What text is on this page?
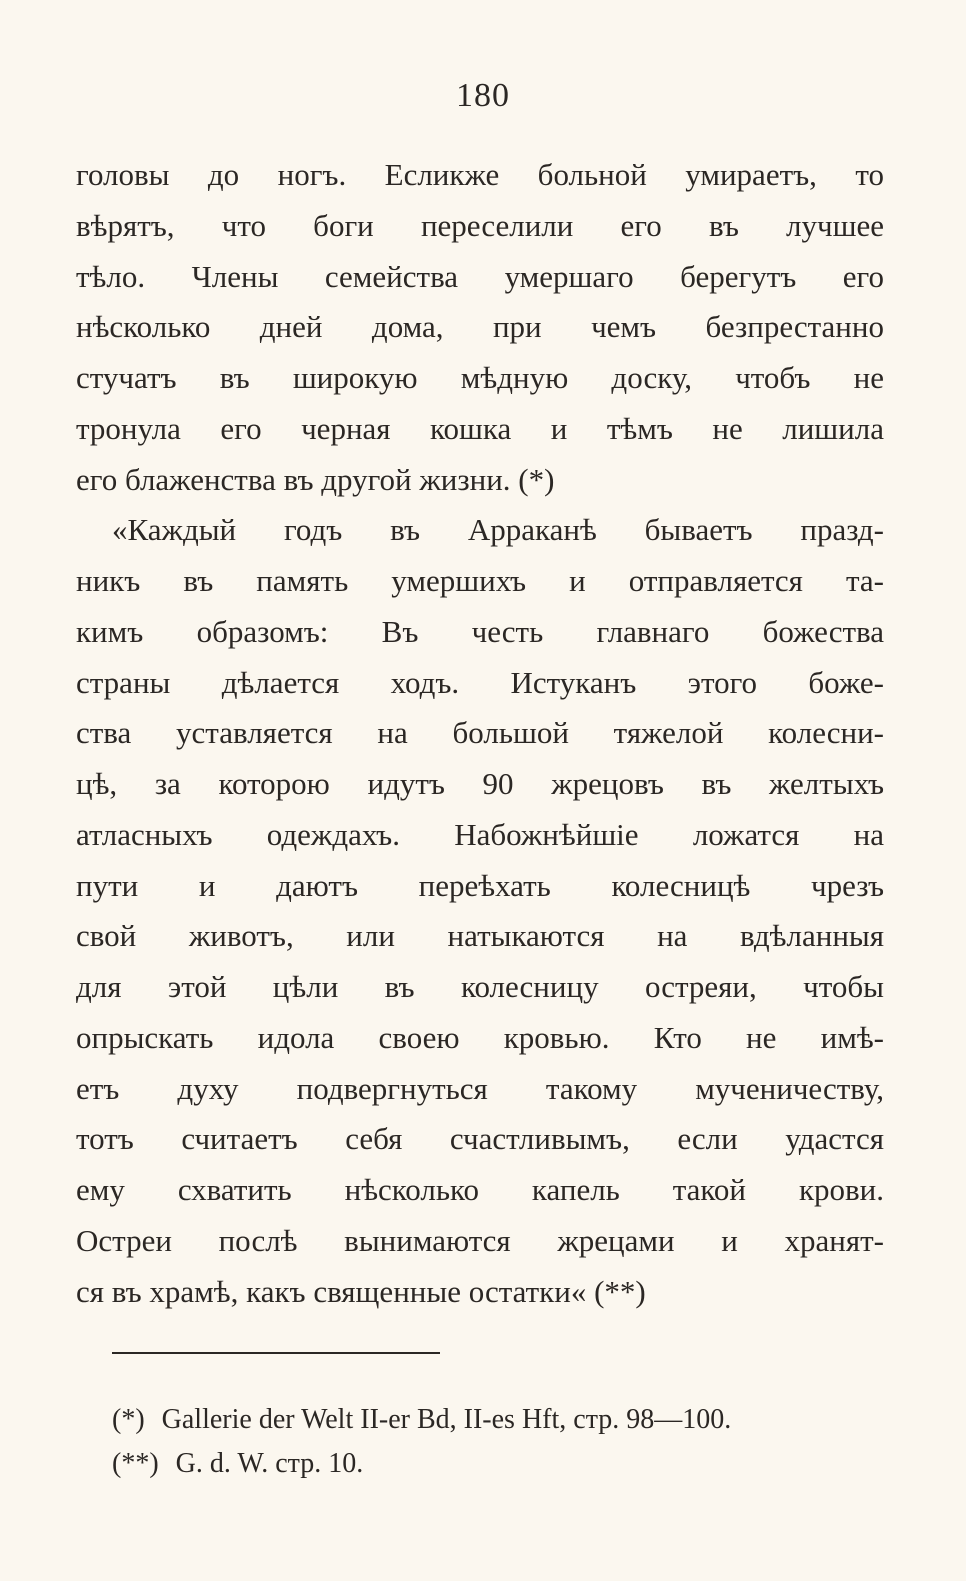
180
головы до ногъ. Есликже больной умираетъ, то
вѣрятъ, что боги переселили его въ лучшее
тѣло. Члены семейства умершаго берегутъ его
нѣсколько дней дома, при чемъ безпрестанно
стучатъ въ широкую мѣдную доску, чтобъ не
тронула его черная кошка и тѣмъ не лишила
его блаженства въ другой жизни. (*)
«Каждый годъ въ Арраканѣ бываетъ празд-
никъ въ память умершихъ и отправляется та-
кимъ образомъ: Въ честь главнаго божества
страны дѣлается ходъ. Истуканъ этого боже-
ства уставляется на большой тяжелой колесни-
цѣ, за которою идутъ 90 жрецовъ въ желтыхъ
атласныхъ одеждахъ. Набожнѣйшіе ложатся на
пути и даютъ переѣхать колесницѣ чрезъ
свой животъ, или натыкаются на вдѣланныя
для этой цѣли въ колесницу остреяи, чтобы
опрыскать идола своею кровью. Кто не имѣ-
етъ духу подвергнуться такому мученичеству,
тотъ считаетъ себя счастливымъ, если удастся
ему схватить нѣсколько капель такой крови.
Остреи послѣ вынимаются жрецами и хранят-
ся въ храмѣ, какъ священные остатки« (**)
(*) Gallerie der Welt II-er Bd, II-es Hft, стр. 98—100.
(**) G. d. W. стр. 10.
